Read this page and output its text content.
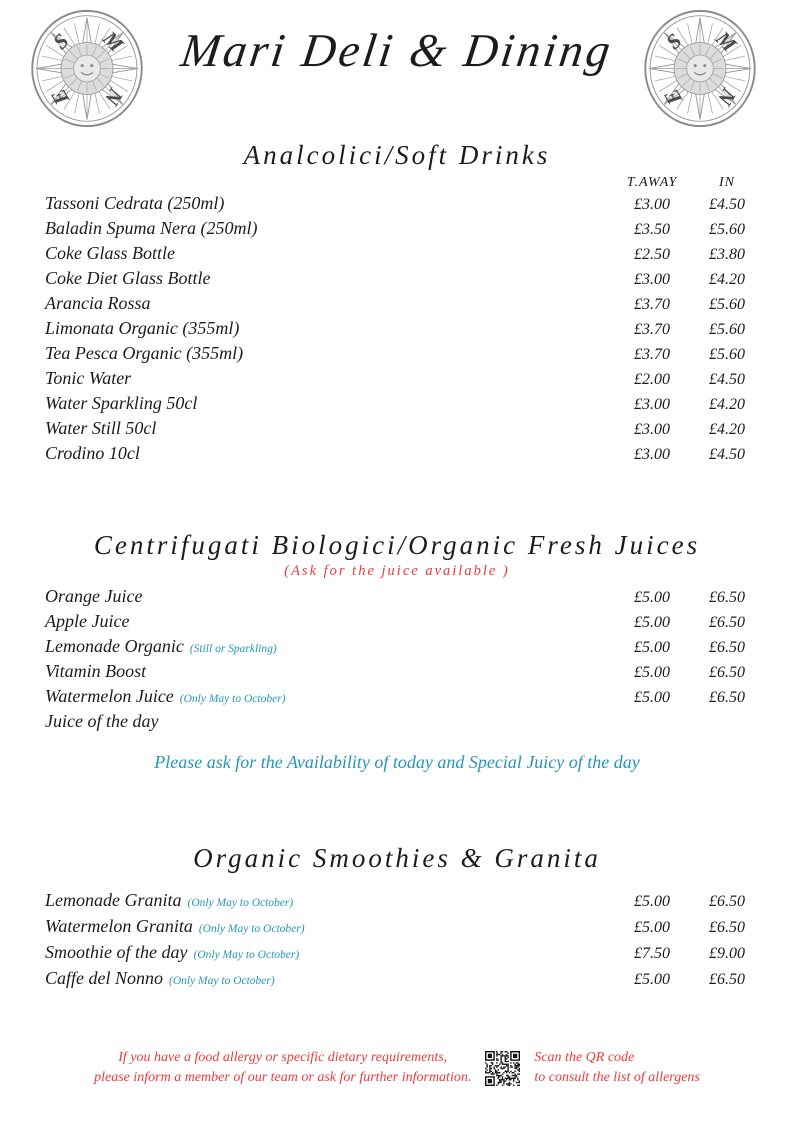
Mari Deli & Dining
Analcolici/Soft Drinks
T.AWAY	IN
Tassoni Cedrata (250ml)	£3.00	£4.50
Baladin Spuma Nera (250ml)	£3.50	£5.60
Coke Glass Bottle	£2.50	£3.80
Coke Diet Glass Bottle	£3.00	£4.20
Arancia Rossa	£3.70	£5.60
Limonata Organic (355ml)	£3.70	£5.60
Tea Pesca Organic (355ml)	£3.70	£5.60
Tonic Water	£2.00	£4.50
Water Sparkling 50cl	£3.00	£4.20
Water Still 50cl	£3.00	£4.20
Crodino 10cl	£3.00	£4.50
Centrifugati Biologici/Organic Fresh Juices
(Ask for the juice available )
Orange Juice	£5.00	£6.50
Apple Juice	£5.00	£6.50
Lemonade Organic (Still or Sparkling)	£5.00	£6.50
Vitamin Boost	£5.00	£6.50
Watermelon Juice (Only May to October)	£5.00	£6.50
Juice of the day
Please ask for the Availability of today and Special Juicy of the day
Organic Smoothies & Granita
Lemonade Granita (Only May to October)	£5.00	£6.50
Watermelon Granita (Only May to October)	£5.00	£6.50
Smoothie of the day (Only May to October)	£7.50	£9.00
Caffe del Nonno (Only May to October)	£5.00	£6.50
If you have a food allergy or specific dietary requirements,
please inform a member of our team or ask for further information.
Scan the QR code
to consult the list of allergens
